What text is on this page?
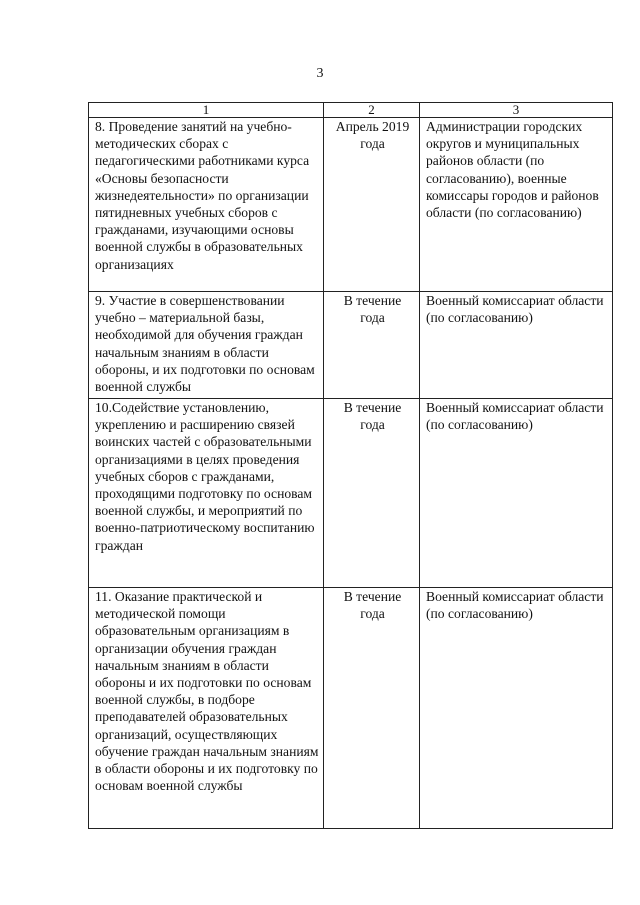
3
1	2	3
8. Проведение занятий на учебно-методических сборах с педагогическими работниками курса «Основы безопасности жизнедеятельности» по организации пятидневных учебных сборов с гражданами, изучающими основы военной службы в образовательных организациях	Апрель 2019 года	Администрации городских округов и муниципальных районов области (по согласованию), военные комиссары городов и районов области (по согласованию)
9. Участие в совершенствовании учебно – материальной базы, необходимой для обучения граждан начальным знаниям в области обороны, и их подготовки по основам военной службы	В течение года	Военный комиссариат области (по согласованию)
10.Содействие установлению, укреплению и расширению связей воинских частей с образовательными организациями в целях проведения учебных сборов с гражданами, проходящими подготовку по основам военной службы, и мероприятий по военно-патриотическому воспитанию граждан	В течение года	Военный комиссариат области (по согласованию)
11. Оказание практической и методической помощи образовательным организациям в организации обучения граждан начальным знаниям в области обороны и их подготовки по основам военной службы, в подборе преподавателей образовательных организаций, осуществляющих обучение граждан начальным знаниям в области обороны и их подготовку по основам военной службы	В течение года	Военный комиссариат области (по согласованию)
